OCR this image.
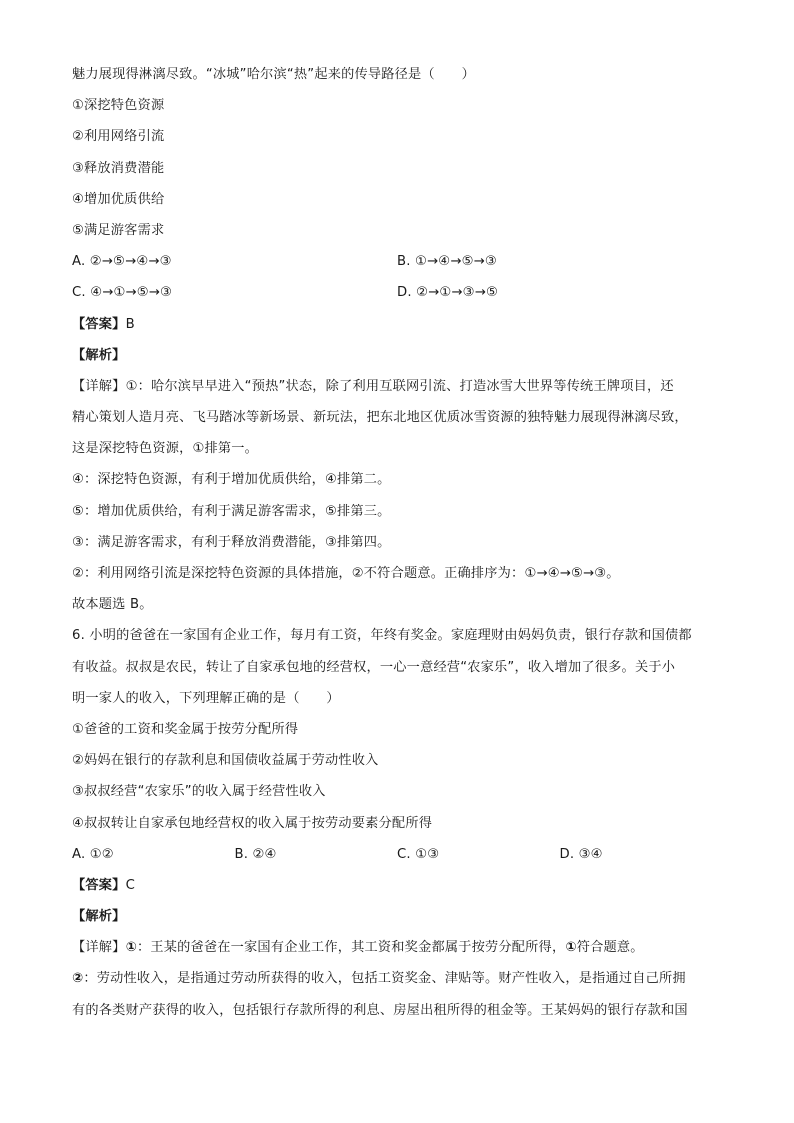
魅力展现得淋漓尽致。“冰城”哈尔滨“热”起来的传导路径是（　　）
①深挖特色资源
②利用网络引流
③释放消费潜能
④增加优质供给
⑤满足游客需求
A. ②→⑤→④→③	B. ①→④→⑤→③
C. ④→①→⑤→③	D. ②→①→③→⑤
【答案】B
【解析】
【详解】①：哈尔滨早早进入“预热”状态，除了利用互联网引流、打造冰雪大世界等传统王牌项目，还
精心策划人造月亮、飞马踏冰等新场景、新玩法，把东北地区优质冰雪资源的独特魅力展现得淋漓尽致，
这是深挖特色资源，①排第一。
④：深挖特色资源，有利于增加优质供给，④排第二。
⑤：增加优质供给，有利于满足游客需求，⑤排第三。
③：满足游客需求，有利于释放消费潜能，③排第四。
②：利用网络引流是深挖特色资源的具体措施，②不符合题意。正确排序为：①→④→⑤→③。
故本题选 B。
6. 小明的爸爸在一家国有企业工作，每月有工资，年终有奖金。家庭理财由妈妈负责，银行存款和国债都
有收益。叔叔是农民，转让了自家承包地的经营权，一心一意经营“农家乐”，收入增加了很多。关于小
明一家人的收入，下列理解正确的是（　　）
①爸爸的工资和奖金属于按劳分配所得
②妈妈在银行的存款利息和国债收益属于劳动性收入
③叔叔经营“农家乐”的收入属于经营性收入
④叔叔转让自家承包地经营权的收入属于按劳动要素分配所得
A. ①②	B. ②④	C. ①③	D. ③④
【答案】C
【解析】
【详解】①：王某的爸爸在一家国有企业工作，其工资和奖金都属于按劳分配所得，①符合题意。
②：劳动性收入，是指通过劳动所获得的收入，包括工资奖金、津贴等。财产性收入，是指通过自己所拥
有的各类财产获得的收入，包括银行存款所得的利息、房屋出租所得的租金等。王某妈妈的银行存款和国
